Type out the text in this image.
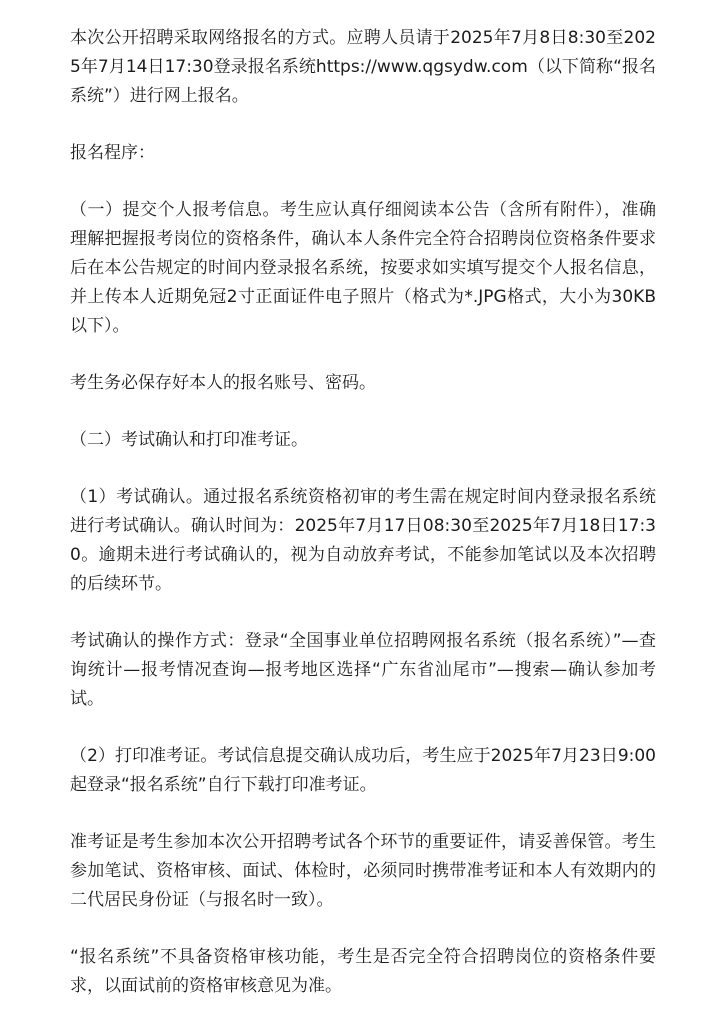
本次公开招聘采取网络报名的方式。应聘人员请于2025年7月8日8:30至2025年7月14日17:30登录报名系统https://www.qgsydw.com（以下简称“报名系统”）进行网上报名。

报名程序：

（一）提交个人报考信息。考生应认真仔细阅读本公告（含所有附件），准确理解把握报考岗位的资格条件，确认本人条件完全符合招聘岗位资格条件要求后在本公告规定的时间内登录报名系统，按要求如实填写提交个人报名信息，并上传本人近期免冠2寸正面证件电子照片（格式为*.JPG格式，大小为30KB以下）。

考生务必保存好本人的报名账号、密码。

（二）考试确认和打印准考证。

（1）考试确认。通过报名系统资格初审的考生需在规定时间内登录报名系统进行考试确认。确认时间为：2025年7月17日08:30至2025年7月18日17:30。逾期未进行考试确认的，视为自动放弃考试，不能参加笔试以及本次招聘的后续环节。

考试确认的操作方式：登录“全国事业单位招聘网报名系统（报名系统）”—查询统计—报考情况查询—报考地区选择“广东省汕尾市”—搜索—确认参加考试。

（2）打印准考证。考试信息提交确认成功后，考生应于2025年7月23日9:00起登录“报名系统”自行下载打印准考证。

准考证是考生参加本次公开招聘考试各个环节的重要证件，请妥善保管。考生参加笔试、资格审核、面试、体检时，必须同时携带准考证和本人有效期内的二代居民身份证（与报名时一致）。

“报名系统”不具备资格审核功能，考生是否完全符合招聘岗位的资格条件要求，以面试前的资格审核意见为准。
